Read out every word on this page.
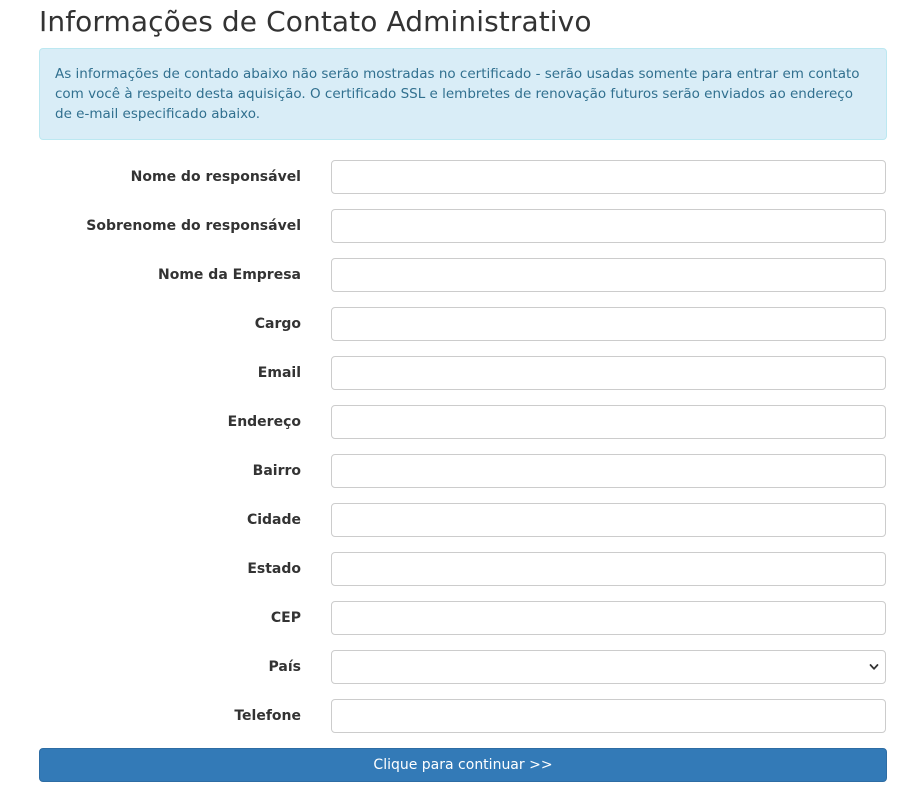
Informações de Contato Administrativo
As informações de contado abaixo não serão mostradas no certificado - serão usadas somente para entrar em contato com você à respeito desta aquisição. O certificado SSL e lembretes de renovação futuros serão enviados ao endereço de e-mail especificado abaixo.
Nome do responsável
Sobrenome do responsável
Nome da Empresa
Cargo
Email
Endereço
Bairro
Cidade
Estado
CEP
País
Telefone
Clique para continuar >>
